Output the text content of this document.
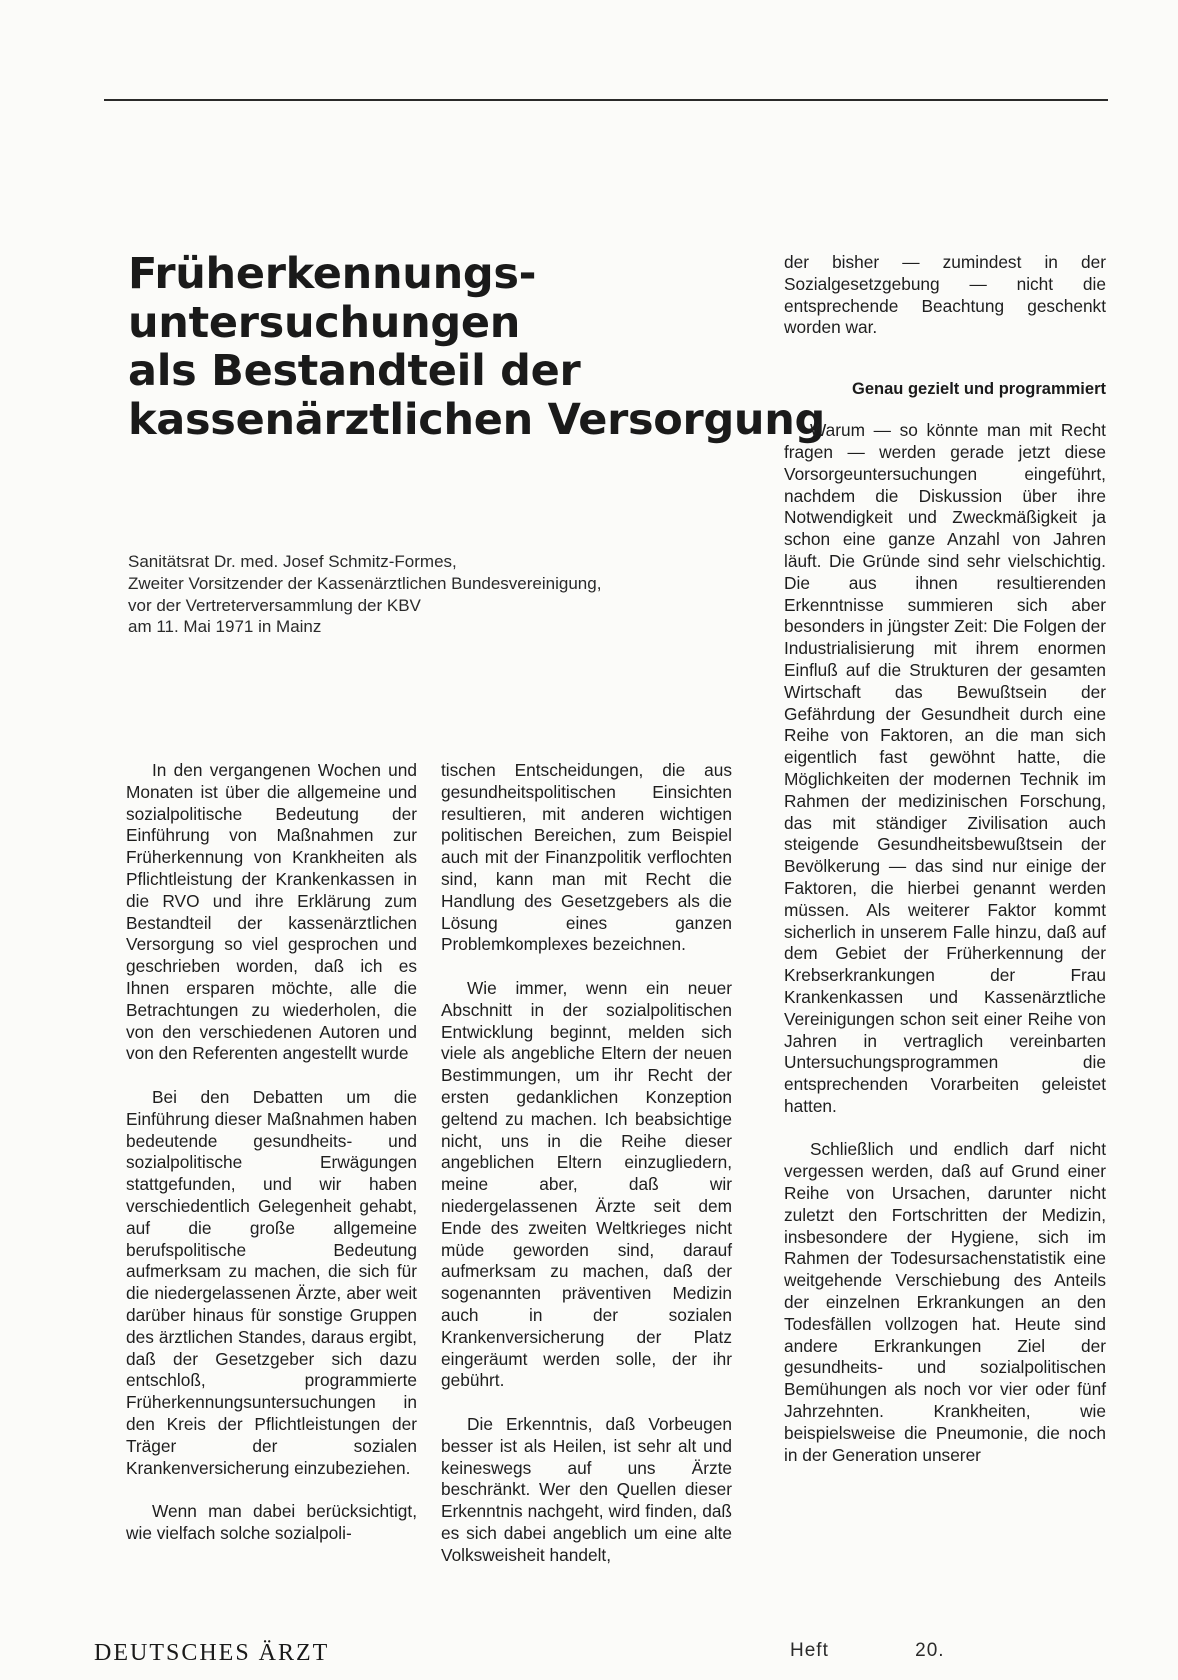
Früherkennungs-
untersuchungen
als Bestandteil der
kassenärztlichen Versorgung
Sanitätsrat Dr. med. Josef Schmitz-Formes,
Zweiter Vorsitzender der Kassenärztlichen Bundesvereinigung,
vor der Vertreterversammlung der KBV
am 11. Mai 1971 in Mainz

In den vergangenen Wochen und Monaten ist über die allgemeine und sozialpolitische Bedeutung der Einführung von Maßnahmen zur Früherkennung von Krankheiten als Pflichtleistung der Krankenkassen in die RVO und ihre Erklärung zum Bestandteil der kassenärztlichen Versorgung so viel gesprochen und geschrieben worden, daß ich es Ihnen ersparen möchte, alle die Betrachtungen zu wiederholen, die von den verschiedenen Autoren und von den Referenten angestellt wurde

Bei den Debatten um die Einführung dieser Maßnahmen haben bedeutende gesundheits- und sozialpolitische Erwägungen stattgefunden, und wir haben verschiedentlich Gelegenheit gehabt, auf die große allgemeine berufspolitische Bedeutung aufmerksam zu machen, die sich für die niedergelassenen Ärzte, aber weit darüber hinaus für sonstige Gruppen des ärztlichen Standes, daraus ergibt, daß der Gesetzgeber sich dazu entschloß, programmierte Früherkennungsuntersuchungen in den Kreis der Pflichtleistungen der Träger der sozialen Krankenversicherung einzubeziehen.

Wenn man dabei berücksichtigt, wie vielfach solche sozialpoli-

tischen Entscheidungen, die aus gesundheitspolitischen Einsichten resultieren, mit anderen wichtigen politischen Bereichen, zum Beispiel auch mit der Finanzpolitik verflochten sind, kann man mit Recht die Handlung des Gesetzgebers als die Lösung eines ganzen Problemkomplexes bezeichnen.

Wie immer, wenn ein neuer Abschnitt in der sozialpolitischen Entwicklung beginnt, melden sich viele als angebliche Eltern der neuen Bestimmungen, um ihr Recht der ersten gedanklichen Konzeption geltend zu machen. Ich beabsichtige nicht, uns in die Reihe dieser angeblichen Eltern einzugliedern, meine aber, daß wir niedergelassenen Ärzte seit dem Ende des zweiten Weltkrieges nicht müde geworden sind, darauf aufmerksam zu machen, daß der sogenannten präventiven Medizin auch in der sozialen Krankenversicherung der Platz eingeräumt werden solle, der ihr gebührt.

Die Erkenntnis, daß Vorbeugen besser ist als Heilen, ist sehr alt und keineswegs auf uns Ärzte beschränkt. Wer den Quellen dieser Erkenntnis nachgeht, wird finden, daß es sich dabei angeblich um eine alte Volksweisheit handelt,

der bisher — zumindest in der Sozialgesetzgebung — nicht die entsprechende Beachtung geschenkt worden war.

Genau gezielt und programmiert

Warum — so könnte man mit Recht fragen — werden gerade jetzt diese Vorsorgeuntersuchungen eingeführt, nachdem die Diskussion über ihre Notwendigkeit und Zweckmäßigkeit ja schon eine ganze Anzahl von Jahren läuft. Die Gründe sind sehr vielschichtig. Die aus ihnen resultierenden Erkenntnisse summieren sich aber besonders in jüngster Zeit: Die Folgen der Industrialisierung mit ihrem enormen Einfluß auf die Strukturen der gesamten Wirtschaft das Bewußtsein der Gefährdung der Gesundheit durch eine Reihe von Faktoren, an die man sich eigentlich fast gewöhnt hatte, die Möglichkeiten der modernen Technik im Rahmen der medizinischen Forschung, das mit ständiger Zivilisation auch steigende Gesundheitsbewußtsein der Bevölkerung — das sind nur einige der Faktoren, die hierbei genannt werden müssen. Als weiterer Faktor kommt sicherlich in unserem Falle hinzu, daß auf dem Gebiet der Früherkennung der Krebserkrankungen der Frau Krankenkassen und Kassenärztliche Vereinigungen schon seit einer Reihe von Jahren in vertraglich vereinbarten Untersuchungsprogrammen die entsprechenden Vorarbeiten geleistet hatten.

Schließlich und endlich darf nicht vergessen werden, daß auf Grund einer Reihe von Ursachen, darunter nicht zuletzt den Fortschritten der Medizin, insbesondere der Hygiene, sich im Rahmen der Todesursachenstatistik eine weitgehende Verschiebung des Anteils der einzelnen Erkrankungen an den Todesfällen vollzogen hat. Heute sind andere Erkrankungen Ziel der gesundheits- und sozialpolitischen Bemühungen als noch vor vier oder fünf Jahrzehnten. Krankheiten, wie beispielsweise die Pneumonie, die noch in der Generation unserer

DEUTSCHES ÄRZT	Heft	20.
